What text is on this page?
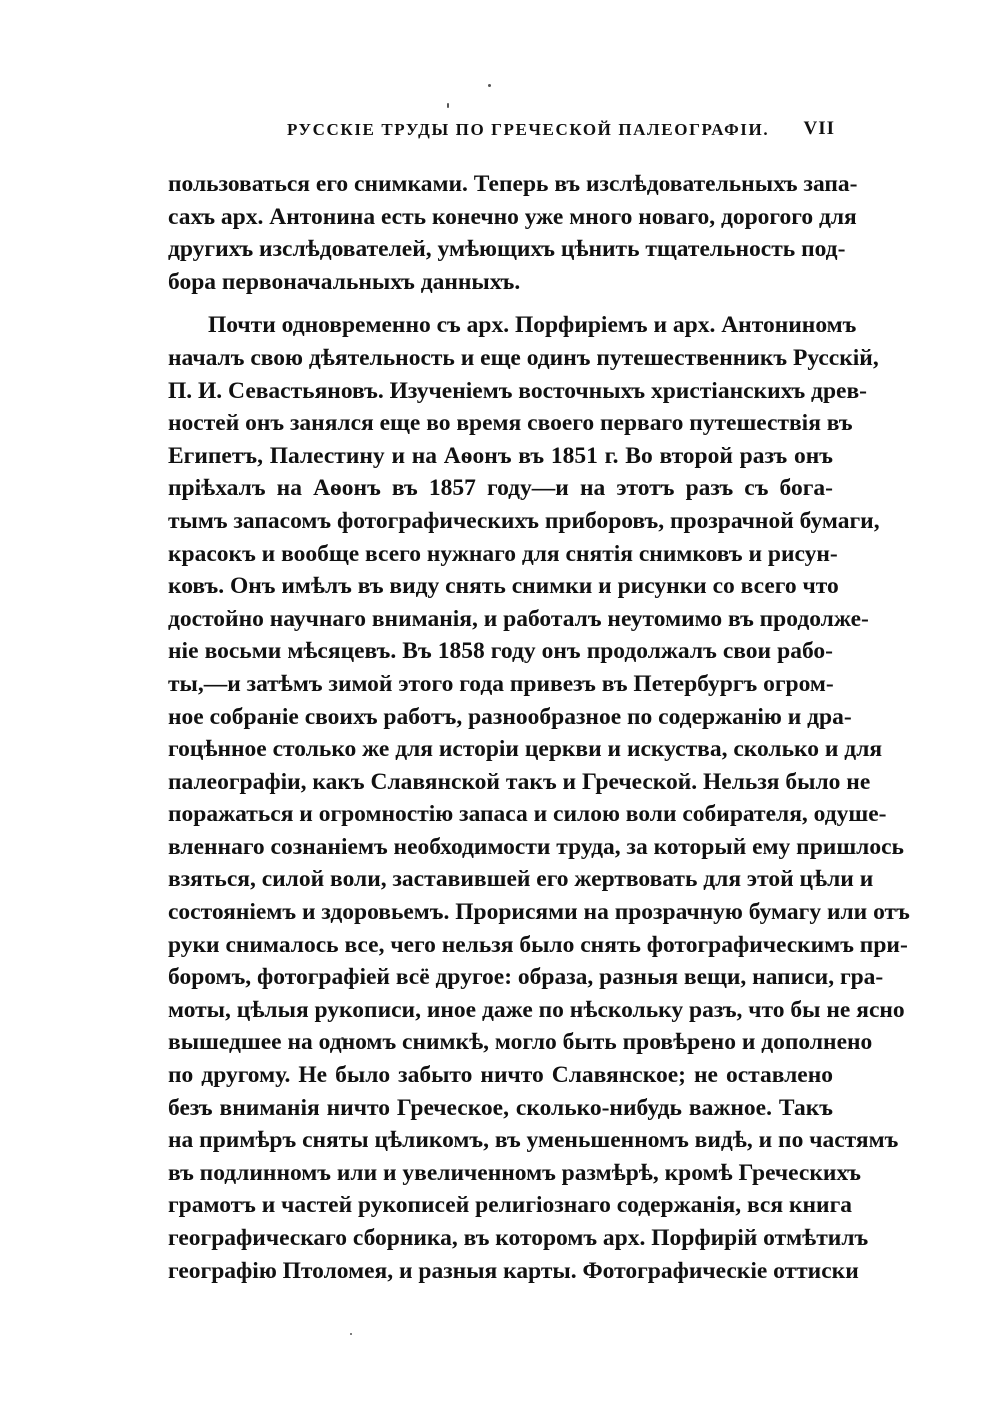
РУССКІЕ ТРУДЫ ПО ГРЕЧЕСКОЙ ПАЛЕОГРАФІИ. VII
пользоваться его снимками. Теперь въ изслѣдовательныхъ запа-
сахъ арх. Антонина есть конечно уже много новаго, дорогого для
другихъ изслѣдователей, умѣющихъ цѣнить тщательность под-
бора первоначальныхъ данныхъ.
Почти одновременно съ арх. Порфиріемъ и арх. Антониномъ
началъ свою дѣятельность и еще одинъ путешественникъ Русскій,
П. И. Севастьяновъ. Изученіемъ восточныхъ христіанскихъ древ-
ностей онъ занялся еще во время своего перваго путешествія въ
Египетъ, Палестину и на Аѳонъ въ 1851 г. Во второй разъ онъ
пріѣхалъ на Аѳонъ въ 1857 году—и на этотъ разъ съ бога-
тымъ запасомъ фотографическихъ приборовъ, прозрачной бумаги,
красокъ и вообще всего нужнаго для снятія снимковъ и рисун-
ковъ. Онъ имѣлъ въ виду снять снимки и рисунки со всего что
достойно научнаго вниманія, и работалъ неутомимо въ продолже-
ніе восьми мѣсяцевъ. Въ 1858 году онъ продолжалъ свои рабо-
ты,—и затѣмъ зимой этого года привезъ въ Петербургъ огром-
ное собраніе своихъ работъ, разнообразное по содержанію и дра-
гоцѣнное столько же для исторіи церкви и искуства, сколько и для
палеографіи, какъ Славянской такъ и Греческой. Нельзя было не
поражаться и огромностію запаса и силою воли собирателя, одуше-
вленнаго сознаніемъ необходимости труда, за который ему пришлось
взяться, силой воли, заставившей его жертвовать для этой цѣли и
состояніемъ и здоровьемъ. Прорисями на прозрачную бумагу или отъ
руки снималось все, чего нельзя было снять фотографическимъ при-
боромъ, фотографіей всё другое: образа, разныя вещи, написи, гра-
моты, цѣлыя рукописи, иное даже по нѣскольку разъ, что бы не ясно
вышедшее на одномъ снимкѣ, могло быть провѣрено и дополнено
по другому. Не было забыто ничто Славянское; не оставлено
безъ вниманія ничто Греческое, сколько-нибудь важное. Такъ
на примѣръ сняты цѣликомъ, въ уменьшенномъ видѣ, и по частямъ
въ подлинномъ или и увеличенномъ размѣрѣ, кромѣ Греческихъ
грамотъ и частей рукописей религіознаго содержанія, вся книга
географическаго сборника, въ которомъ арх. Порфирій отмѣтилъ
географію Птоломея, и разныя карты. Фотографическіе оттиски
